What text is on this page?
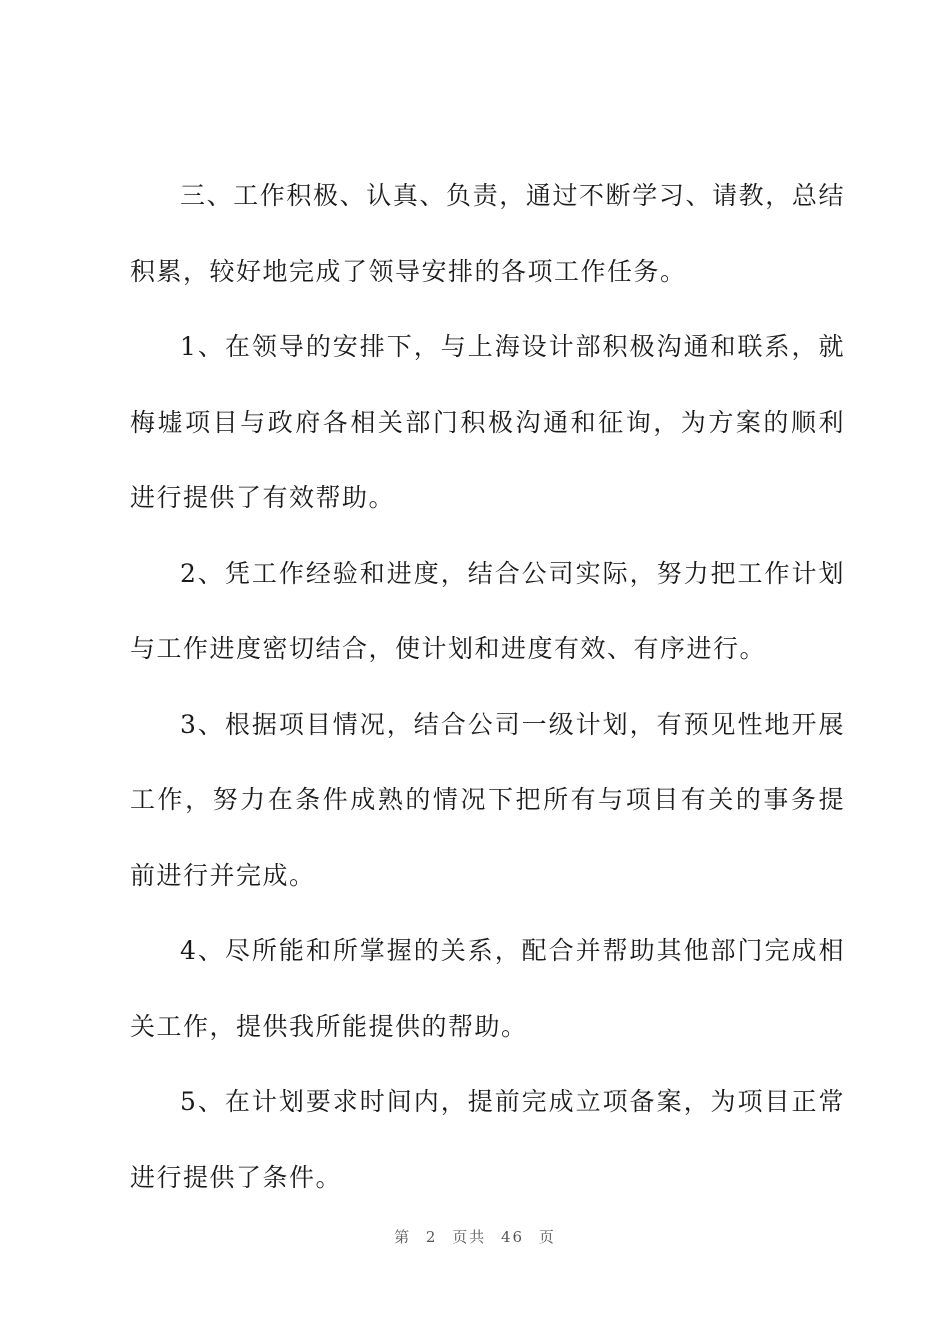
三、工作积极、认真、负责，通过不断学习、请教，总结积累，较好地完成了领导安排的各项工作任务。

1、在领导的安排下，与上海设计部积极沟通和联系，就梅墟项目与政府各相关部门积极沟通和征询，为方案的顺利进行提供了有效帮助。

2、凭工作经验和进度，结合公司实际，努力把工作计划与工作进度密切结合，使计划和进度有效、有序进行。

3、根据项目情况，结合公司一级计划，有预见性地开展工作，努力在条件成熟的情况下把所有与项目有关的事务提前进行并完成。

4、尽所能和所掌握的关系，配合并帮助其他部门完成相关工作，提供我所能提供的帮助。

5、在计划要求时间内，提前完成立项备案，为项目正常进行提供了条件。

第 2 页共 46 页
